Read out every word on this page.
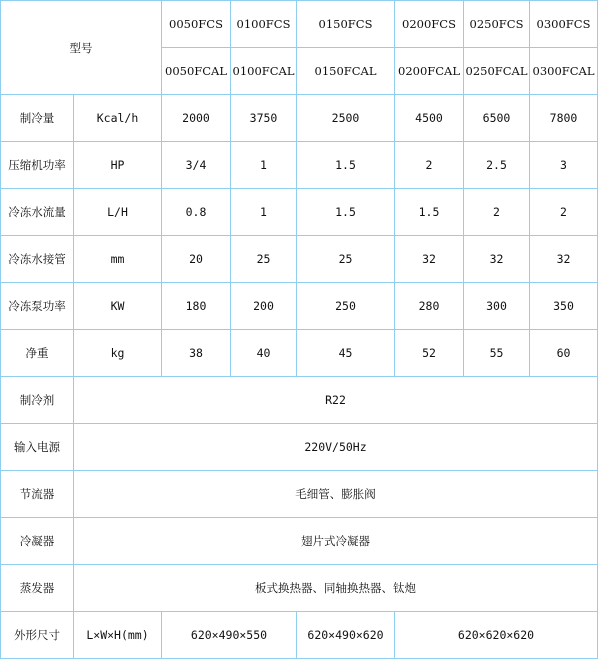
型号		0050FCS	0100FCS	0150FCS	0200FCS	0250FCS	0300FCS
		0050FCAL	0100FCAL	0150FCAL	0200FCAL	0250FCAL	0300FCAL
制冷量	Kcal/h	2000	3750	2500	4500	6500	7800
压缩机功率	HP	3/4	1	1.5	2	2.5	3
冷冻水流量	L/H	0.8	1	1.5	1.5	2	2
冷冻水接管	mm	20	25	25	32	32	32
冷冻泵功率	KW	180	200	250	280	300	350
净重	kg	38	40	45	52	55	60
制冷剂	R22						
输入电源	220V/50Hz						
节流器	毛细管、膨胀阀						
冷凝器	翅片式冷凝器						
蒸发器	板式换热器、同轴换热器、钛炮						
外形尺寸	L×W×H(mm)	620×490×550		620×490×620	620×620×620		
